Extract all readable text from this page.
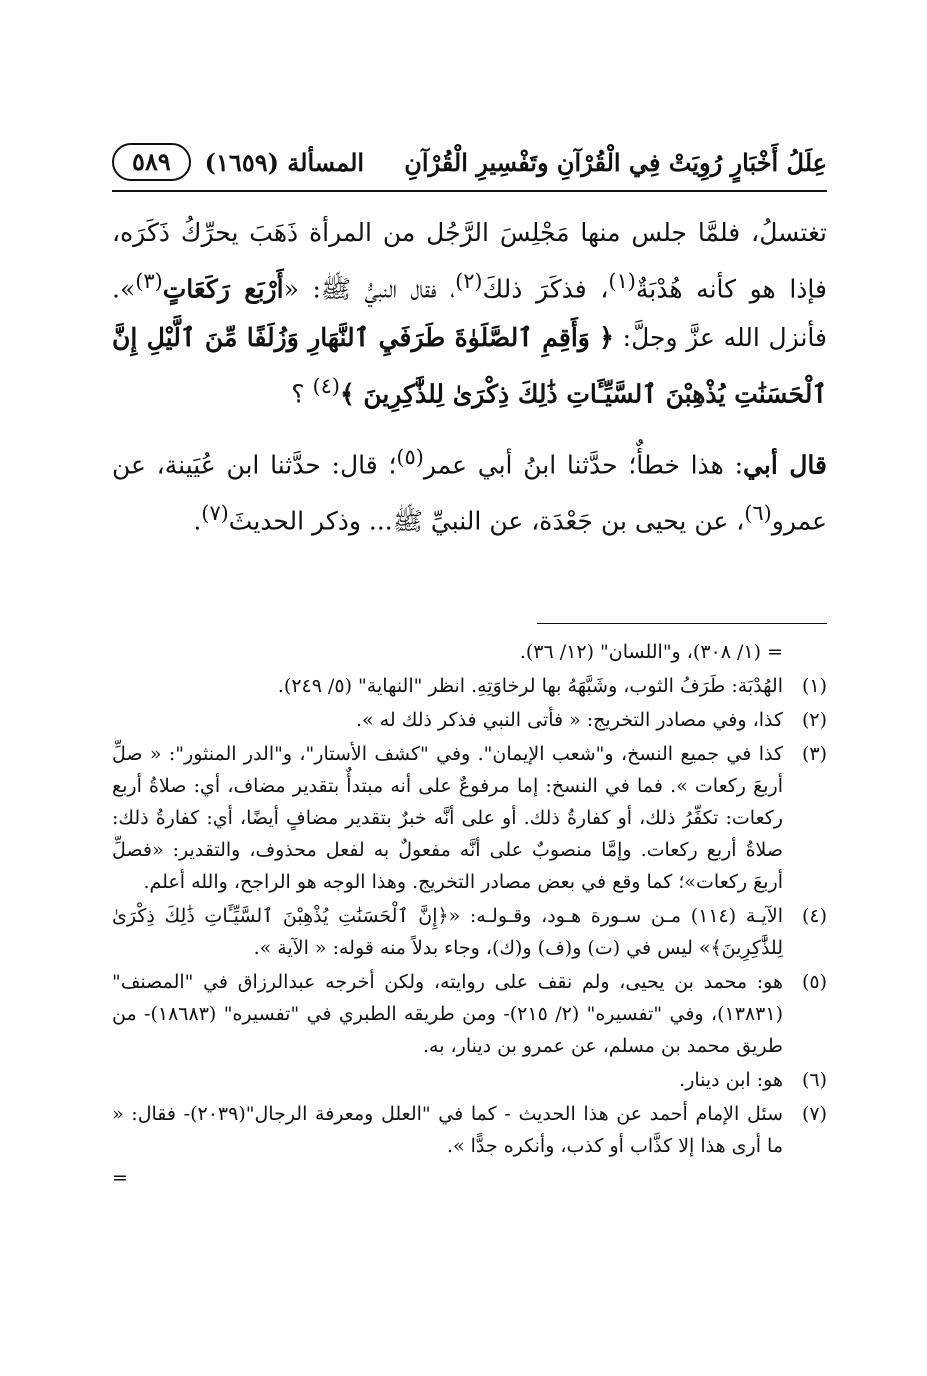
عِلَلُ أَخْبَارٍ رُوِيَتْ فِي الْقُرْآنِ وتَفْسِيرِ الْقُرْآنِ
المسألة (١٦٥٩)
٥٨٩

تغتسلُ، فلمَّا جلس منها مَجْلِسَ الرَّجُل من المرأة ذَهَبَ يحرِّكُ ذَكَرَه، فإذا هو كأنه هُدْبَةٌ$^{(١)}$، فذكَرَ ذلكَ$^{(٢)}$، فقال النبيُّ ﷺ: «أَرْبَع رَكَعَاتٍ$^{(٣)}$». فأنزل الله عزَّ وجلَّ: ﴿ وَأَقِمِ ٱلصَّلَوٰةَ طَرَفَيِ ٱلنَّهَارِ وَزُلَفًا مِّنَ ٱلَّيْلِ إِنَّ ٱلْحَسَنَٰتِ يُذْهِبْنَ ٱلسَّيِّـَٔاتِ ذَٰلِكَ ذِكْرَىٰ لِلذَّٰكِرِينَ ﴾$^{(٤)}$ ؟

قال أبي: هذا خطأٌ؛ حدَّثنا ابنُ أبي عمر$^{(٥)}$؛ قال: حدَّثنا ابن عُيَينة، عن عمرو$^{(٦)}$، عن يحيى بن جَعْدَة، عن النبيِّ ﷺ... وذكر الحديثَ$^{(٧)}$.

= (١/ ٣٠٨)، و"اللسان" (١٢/ ٣٦).
(١)
الهُدْبَة: طَرَفُ الثوب، وشَبَّهَهُ بها لرخاوَتِهِ. انظر "النهاية" (٥/ ٢٤٩).
(٢)
كذا، وفي مصادر التخريج: « فأتى النبي فذكر ذلك له ».
(٣)
كذا في جميع النسخ، و"شعب الإيمان". وفي "كشف الأستار"، و"الدر المنثور": « صلِّ أربعَ ركعات ». فما في النسخ: إما مرفوعٌ على أنه مبتدأٌ بتقدير مضاف، أي: صلاةُ أربع ركعات: تكفِّرُ ذلك، أو كفارةُ ذلك. أو على أنَّه خبرٌ بتقدير مضافٍ أيضًا، أي: كفارةُ ذلك: صلاةُ أربع ركعات. وإمَّا منصوبٌ على أنَّه مفعولٌ به لفعل محذوف، والتقدير: «فصلِّ أربعَ ركعات»؛ كما وقع في بعض مصادر التخريج. وهذا الوجه هو الراجح، والله أعلم.
(٤)
الآيـة (١١٤) مـن سـورة هـود، وقـولـه: «﴿إِنَّ ٱلْحَسَنَٰتِ يُذْهِبْنَ ٱلسَّيِّـَٔاتِ ذَٰلِكَ ذِكْرَىٰ لِلذَّٰكِرِينَ﴾» ليس في (ت) و(ف) و(ك)، وجاء بدلاً منه قوله: « الآية ».
(٥)
هو: محمد بن يحيى، ولم نقف على روايته، ولكن أخرجه عبدالرزاق في "المصنف" (١٣٨٣١)، وفي "تفسيره" (٢/ ٢١٥)- ومن طريقه الطبري في "تفسيره" (١٨٦٨٣)- من طريق محمد بن مسلم، عن عمرو بن دينار، به.
(٦)
هو: ابن دينار.
(٧)
سئل الإمام أحمد عن هذا الحديث - كما في "العلل ومعرفة الرجال"(٢٠٣٩)- فقال: « ما أرى هذا إلا كذَّاب أو كذب، وأنكره جدًّا ».
=
